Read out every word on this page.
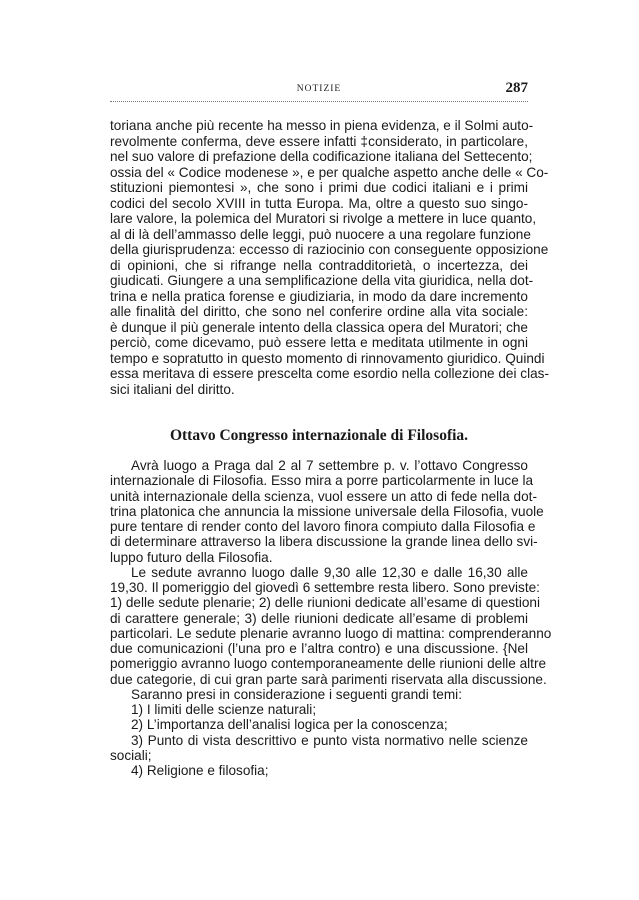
NOTIZIE	287
toriana anche più recente ha messo in piena evidenza, e il Solmi auto-
revolmente conferma, deve essere infatti ‡considerato, in particolare,
nel suo valore di prefazione della codificazione italiana del Settecento;
ossia del « Codice modenese », e per qualche aspetto anche delle « Co-
stituzioni piemontesi », che sono i primi due codici italiani e i primi
codici del secolo XVIII in tutta Europa. Ma, oltre a questo suo singo-
lare valore, la polemica del Muratori si rivolge a mettere in luce quanto,
al di là dell’ammasso delle leggi, può nuocere a una regolare funzione
della giurisprudenza: eccesso di raziocinio con conseguente opposizione
di opinioni, che si rifrange nella contradditorietà, o incertezza, dei
giudicati. Giungere a una semplificazione della vita giuridica, nella dot-
trina e nella pratica forense e giudiziaria, in modo da dare incremento
alle finalità del diritto, che sono nel conferire ordine alla vita sociale:
è dunque il più generale intento della classica opera del Muratori; che
perciò, come dicevamo, può essere letta e meditata utilmente in ogni
tempo e sopratutto in questo momento di rinnovamento giuridico. Quindi
essa meritava di essere prescelta come esordio nella collezione dei clas-
sici italiani del diritto.
Ottavo Congresso internazionale di Filosofia.
Avrà luogo a Praga dal 2 al 7 settembre p. v. l’ottavo Congresso
internazionale di Filosofia. Esso mira a porre particolarmente in luce la
unità internazionale della scienza, vuol essere un atto di fede nella dot-
trina platonica che annuncia la missione universale della Filosofia, vuole
pure tentare di render conto del lavoro finora compiuto dalla Filosofia e
di determinare attraverso la libera discussione la grande linea dello svi-
luppo futuro della Filosofia.
Le sedute avranno luogo dalle 9,30 alle 12,30 e dalle 16,30 alle
19,30. Il pomeriggio del giovedì 6 settembre resta libero. Sono previste:
1) delle sedute plenarie; 2) delle riunioni dedicate all’esame di questioni
di carattere generale; 3) delle riunioni dedicate all’esame di problemi
particolari. Le sedute plenarie avranno luogo di mattina: comprenderanno
due comunicazioni (l’una pro e l’altra contro) e una discussione. {Nel
pomeriggio avranno luogo contemporaneamente delle riunioni delle altre
due categorie, di cui gran parte sarà parimenti riservata alla discussione.
Saranno presi in considerazione i seguenti grandi temi:
1) I limiti delle scienze naturali;
2) L’importanza dell’analisi logica per la conoscenza;
3) Punto di vista descrittivo e punto vista normativo nelle scienze
sociali;
4) Religione e filosofia;
